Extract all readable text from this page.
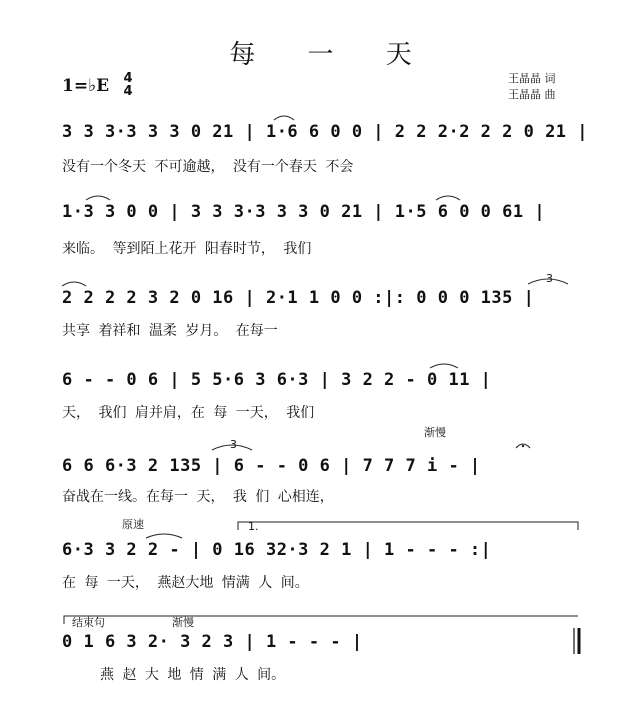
每 一 天
1=♭E 4
4
王晶晶 词
王晶晶 曲
3 3 3·3 3 3 0 21 | 1·6 6 0 0 | 2 2 2·2 2 2 0 21 |
没有一个冬天 不可逾越， 没有一个春天 不会
1·3 3 0 0 | 3 3 3·3 3 3 0 21 | 1·5 6 0 0 61 |
来临。 等到陌上花开 阳春时节， 我们
2 2 2 2 3 2 0 16 | 2·1 1 0 0 :|: 0 0 0 135 |
3
共享 着祥和 温柔 岁月。 在每一
6 - - 0 6 | 5 5·6 3 6·3 | 3 2 2 - 0 11 |
天， 我们 肩并肩，在 每 一天， 我们
渐慢
3
6 6 6·3 2 135 | 6 - - 0 6 | 7 7 7 i - |
奋战在一线。在每一 天， 我 们 心相连，
原速	1.
6·3 3 2 2 - | 0 16 32·3 2 1 | 1 - - - :|
在 每 一天， 燕赵大地 情满 人 间。
结束句	渐慢
0 1 6 3 2· 3 2 3 | 1 - - - |
燕 赵 大 地 情 满 人 间。
